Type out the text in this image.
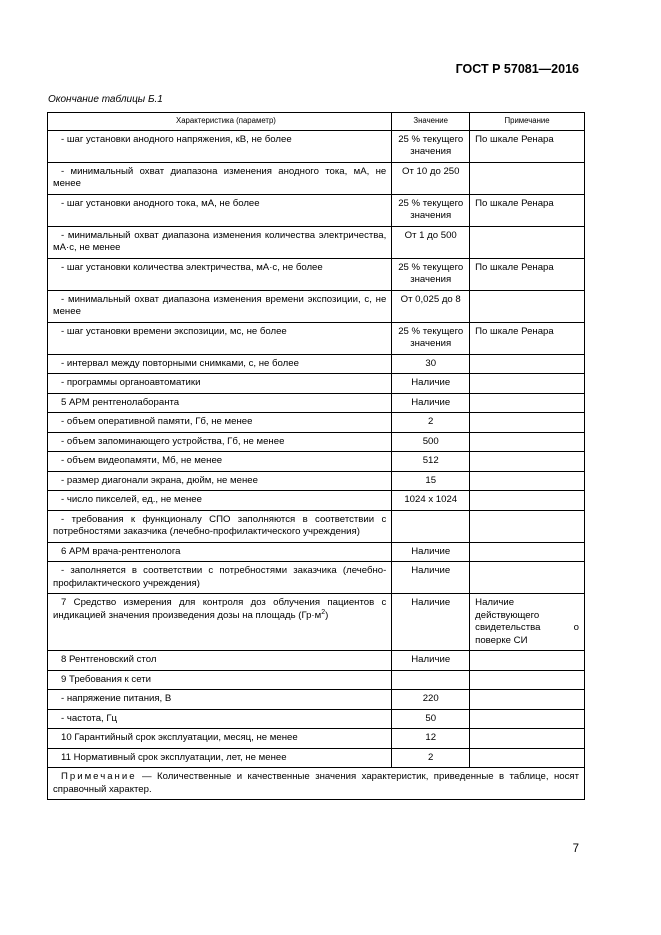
ГОСТ Р 57081—2016
Окончание таблицы Б.1
Характеристика (параметр)	Значение	Примечание
- шаг установки анодного напряжения, кВ, не более	25 % текущего значения	По шкале Ренара
- минимальный охват диапазона изменения анодного тока, мА, не менее	От 10 до 250	
- шаг установки анодного тока, мА, не более	25 % текущего значения	По шкале Ренара
- минимальный охват диапазона изменения количества электричества, мА·с, не менее	От 1 до 500	
- шаг установки количества электричества, мА·с, не более	25 % текущего значения	По шкале Ренара
- минимальный охват диапазона изменения времени экспозиции, с, не менее	От 0,025 до 8	
- шаг установки времени экспозиции, мс, не более	25 % текущего значения	По шкале Ренара
- интервал между повторными снимками, с, не более	30	
- программы органоавтоматики	Наличие	
5 АРМ рентгенолаборанта	Наличие	
- объем оперативной памяти, Гб, не менее	2	
- объем запоминающего устройства, Гб, не менее	500	
- объем видеопамяти, Мб, не менее	512	
- размер диагонали экрана, дюйм, не менее	15	
- число пикселей, ед., не менее	1024 х 1024	
- требования к функционалу СПО заполняются в соответствии с потребностями заказчика (лечебно-профилактического учреждения)		
6 АРМ врача-рентгенолога	Наличие	
- заполняется в соответствии с потребностями заказчика (лечебно-профилактического учреждения)	Наличие	
7 Средство измерения для контроля доз облучения пациентов с индикацией значения произведения дозы на площадь $(Гр\cdot м^2)$	Наличие	Наличие действующего свидетельства о поверке СИ
8 Рентгеновский стол	Наличие	
9 Требования к сети		
- напряжение питания, В	220	
- частота, Гц	50	
10 Гарантийный срок эксплуатации, месяц, не менее	12	
11 Нормативный срок эксплуатации, лет, не менее	2	
Примечание — Количественные и качественные значения характеристик, приведенные в таблице, носят справочный характер.		
7
